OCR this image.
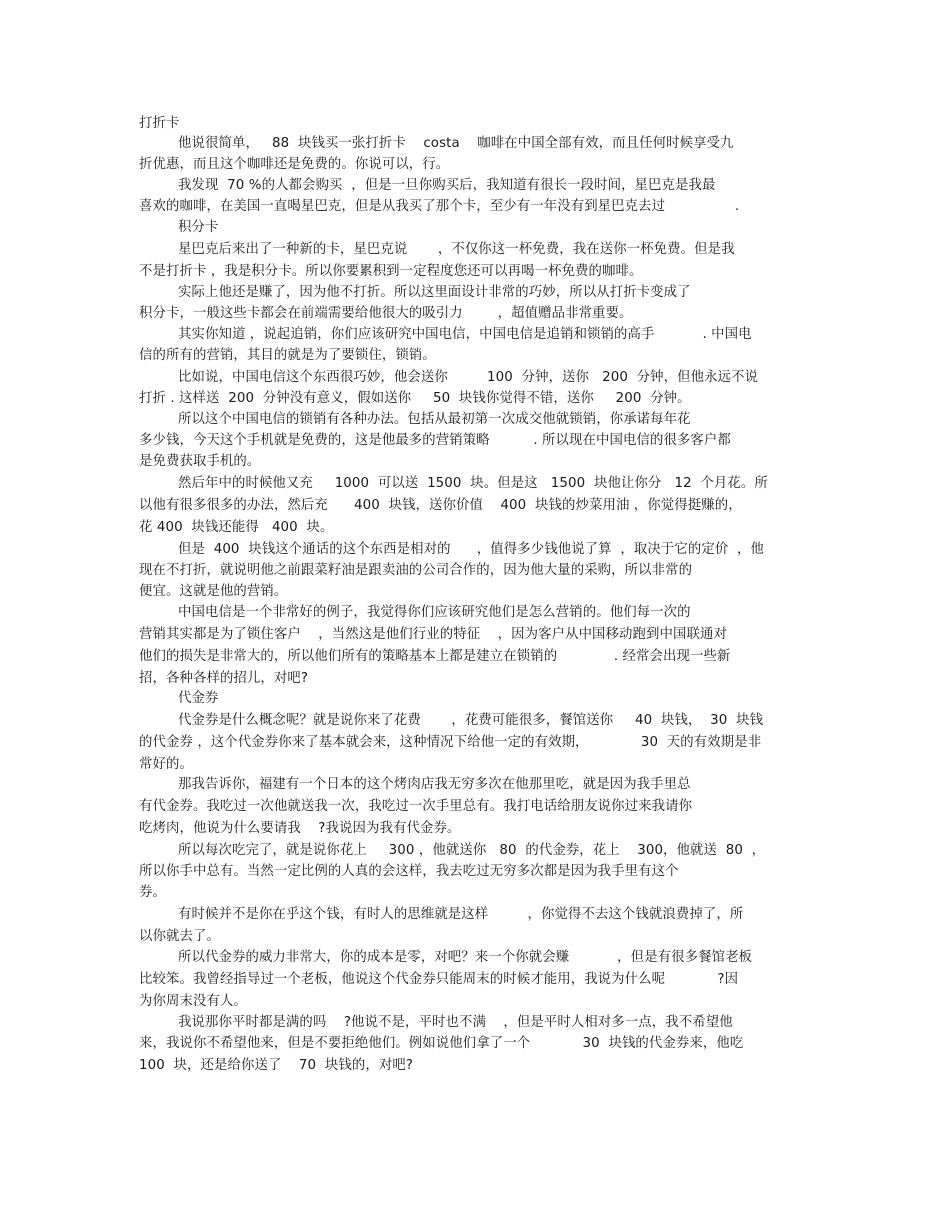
打折卡
他说很简单，   88  块钱买一张打折卡    costa    咖啡在中国全部有效，而且任何时候享受九
折优惠，而且这个咖啡还是免费的。你说可以，行。
我发现  70 %的人都会购买  ，但是一旦你购买后，我知道有很长一段时间，星巴克是我最
喜欢的咖啡，在美国一直喝星巴克，但是从我买了那个卡，至少有一年没有到星巴克去过                .
积分卡
星巴克后来出了一种新的卡，星巴克说       ，不仅你这一杯免费，我在送你一杯免费。但是我
不是打折卡 ，我是积分卡。所以你要累积到一定程度您还可以再喝一杯免费的咖啡。
实际上他还是赚了，因为他不打折。所以这里面设计非常的巧妙，所以从打折卡变成了
积分卡，一般这些卡都会在前端需要给他很大的吸引力        ，超值赠品非常重要。
其实你知道 ，说起追销，你们应该研究中国电信，中国电信是追销和锁销的高手           . 中国电
信的所有的营销，其目的就是为了要锁住，锁销。
比如说，中国电信这个东西很巧妙，他会送你         100  分钟，送你   200  分钟，但他永远不说
打折 . 这样送  200  分钟没有意义，假如送你     50  块钱你觉得不错，送你     200  分钟。
所以这个中国电信的锁销有各种办法。包括从最初第一次成交他就锁销，你承诺每年花
多少钱，今天这个手机就是免费的，这是他最多的营销策略          . 所以现在中国电信的很多客户都
是免费获取手机的。
然后年中的时候他又充     1000  可以送  1500  块。但是这   1500  块他让你分   12  个月花。所
以他有很多很多的办法，然后充      400  块钱，送你价值    400  块钱的炒菜用油 ，你觉得挺赚的，
花 400  块钱还能得   400  块。
但是  400  块钱这个通话的这个东西是相对的      ，值得多少钱他说了算  ，取决于它的定价  ，他
现在不打折，就说明他之前跟菜籽油是跟卖油的公司合作的，因为他大量的采购，所以非常的
便宜。这就是他的营销。
中国电信是一个非常好的例子，我觉得你们应该研究他们是怎么营销的。他们每一次的
营销其实都是为了锁住客户    ，当然这是他们行业的特征    ，因为客户从中国移动跑到中国联通对
他们的损失是非常大的，所以他们所有的策略基本上都是建立在锁销的             . 经常会出现一些新
招，各种各样的招儿，对吧?
代金券
代金券是什么概念呢？就是说你来了花费       ，花费可能很多，餐馆送你     40  块钱，  30  块钱
的代金券 ，这个代金券你来了基本就会来，这种情况下给他一定的有效期，            30  天的有效期是非
常好的。
那我告诉你，福建有一个日本的这个烤肉店我无穷多次在他那里吃，就是因为我手里总
有代金券。我吃过一次他就送我一次，我吃过一次手里总有。我打电话给朋友说你过来我请你
吃烤肉，他说为什么要请我    ?我说因为我有代金券。
所以每次吃完了，就是说你花上     300 ，他就送你   80  的代金券，花上    300，他就送  80  ，
所以你手中总有。当然一定比例的人真的会这样，我去吃过无穷多次都是因为我手里有这个
券。
有时候并不是你在乎这个钱，有时人的思维就是这样         ，你觉得不去这个钱就浪费掉了，所
以你就去了。
所以代金券的威力非常大，你的成本是零，对吧？来一个你就会赚           ，但是有很多餐馆老板
比较笨。我曾经指导过一个老板，他说这个代金券只能周末的时候才能用，我说为什么呢            ?因
为你周末没有人。
我说那你平时都是满的吗    ?他说不是，平时也不满    ，但是平时人相对多一点，我不希望他
来，我说你不希望他来，但是不要拒绝他们。例如说他们拿了一个            30  块钱的代金券来，他吃
100  块，还是给你送了    70  块钱的，对吧?
